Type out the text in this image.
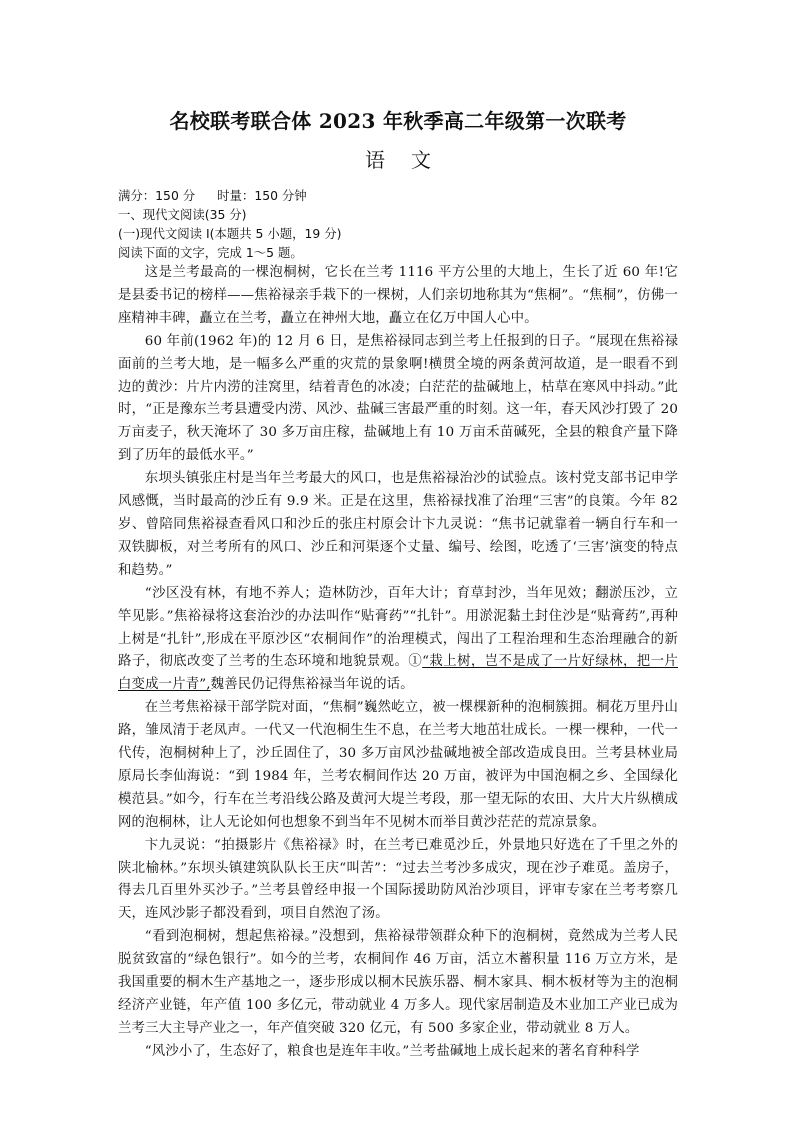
名校联考联合体 2023 年秋季高二年级第一次联考
语 文
满分：150 分 时量：150 分钟
一、现代文阅读(35 分)
(一)现代文阅读 I(本题共 5 小题，19 分)
阅读下面的文字，完成 1～5 题。

这是兰考最高的一棵泡桐树，它长在兰考 1116 平方公里的大地上，生长了近 60 年!它是县委书记的榜样——焦裕禄亲手栽下的一棵树，人们亲切地称其为“焦桐”。“焦桐”，仿佛一座精神丰碑，矗立在兰考，矗立在神州大地，矗立在亿万中国人心中。

60 年前(1962 年)的 12 月 6 日，是焦裕禄同志到兰考上任报到的日子。“展现在焦裕禄面前的兰考大地，是一幅多么严重的灾荒的景象啊!横贯全境的两条黄河故道，是一眼看不到边的黄沙：片片内涝的洼窝里，结着青色的冰凌；白茫茫的盐碱地上，枯草在寒风中抖动。”此时，“正是豫东兰考县遭受内涝、风沙、盐碱三害最严重的时刻。这一年，春天风沙打毁了 20 万亩麦子，秋天淹坏了 30 多万亩庄稼，盐碱地上有 10 万亩禾苗碱死，全县的粮食产量下降到了历年的最低水平。”

东坝头镇张庄村是当年兰考最大的风口，也是焦裕禄治沙的试验点。该村党支部书记申学风感慨，当时最高的沙丘有 9.9 米。正是在这里，焦裕禄找准了治理“三害”的良策。今年 82 岁、曾陪同焦裕禄查看风口和沙丘的张庄村原会计卞九灵说：“焦书记就靠着一辆自行车和一双铁脚板，对兰考所有的风口、沙丘和河渠逐个丈量、编号、绘图，吃透了‘三害’演变的特点和趋势。”

“沙区没有林，有地不养人；造林防沙，百年大计；育草封沙，当年见效；翻淤压沙，立竿见影。”焦裕禄将这套治沙的办法叫作“贴膏药”“扎针”。用淤泥黏土封住沙是“贴膏药”,再种上树是“扎针”,形成在平原沙区“农桐间作”的治理模式，闯出了工程治理和生态治理融合的新路子，彻底改变了兰考的生态环境和地貌景观。①“栽上树，岂不是成了一片好绿林，把一片白变成一片青”,魏善民仍记得焦裕禄当年说的话。

在兰考焦裕禄干部学院对面，“焦桐”巍然屹立，被一棵棵新种的泡桐簇拥。桐花万里丹山路，雏凤清于老凤声。一代又一代泡桐生生不息，在兰考大地茁壮成长。一棵一棵种，一代一代传，泡桐树种上了，沙丘固住了，30 多万亩风沙盐碱地被全部改造成良田。兰考县林业局原局长李仙海说：“到 1984 年，兰考农桐间作达 20 万亩，被评为中国泡桐之乡、全国绿化模范县。”如今，行车在兰考沿线公路及黄河大堤兰考段，那一望无际的农田、大片大片纵横成网的泡桐林，让人无论如何也想象不到当年不见树木而举目黄沙茫茫的荒凉景象。

卞九灵说：“拍摄影片《焦裕禄》时，在兰考已难觅沙丘，外景地只好选在了千里之外的陕北榆林。”东坝头镇建筑队队长王庆“叫苦”：“过去兰考沙多成灾，现在沙子难觅。盖房子，得去几百里外买沙子。”兰考县曾经申报一个国际援助防风治沙项目，评审专家在兰考考察几天，连风沙影子都没看到，项目自然泡了汤。

“看到泡桐树，想起焦裕禄。”没想到，焦裕禄带领群众种下的泡桐树，竟然成为兰考人民脱贫致富的“绿色银行”。如今的兰考，农桐间作 46 万亩，活立木蓄积量 116 万立方米，是我国重要的桐木生产基地之一，逐步形成以桐木民族乐器、桐木家具、桐木板材等为主的泡桐经济产业链，年产值 100 多亿元，带动就业 4 万多人。现代家居制造及木业加工产业已成为兰考三大主导产业之一，年产值突破 320 亿元，有 500 多家企业，带动就业 8 万人。

“风沙小了，生态好了，粮食也是连年丰收。”兰考盐碱地上成长起来的著名育种科学
